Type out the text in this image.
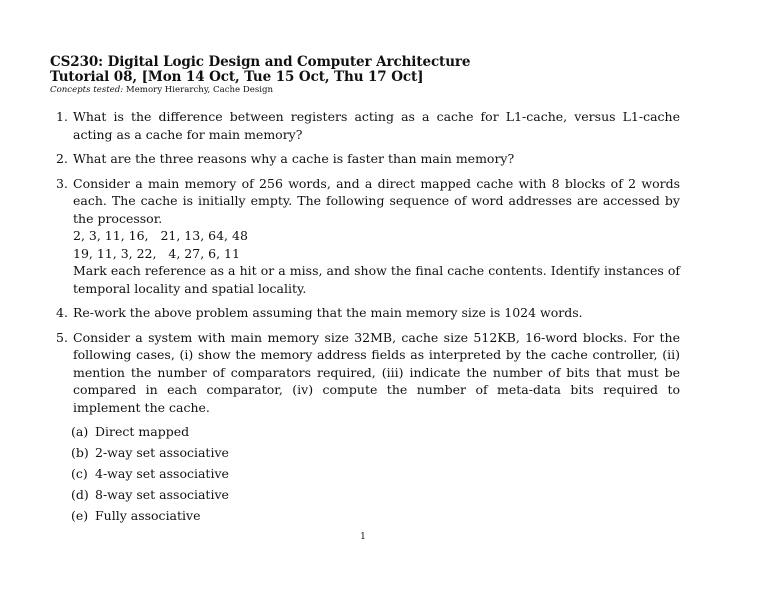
CS230: Digital Logic Design and Computer Architecture
Tutorial 08, [Mon 14 Oct, Tue 15 Oct, Thu 17 Oct]
Concepts tested: Memory Hierarchy, Cache Design
1. What is the difference between registers acting as a cache for L1-cache, versus L1-cache acting as a cache for main memory?

2. What are the three reasons why a cache is faster than main memory?

3. Consider a main memory of 256 words, and a direct mapped cache with 8 blocks of 2 words each. The cache is initially empty. The following sequence of word addresses are accessed by the processor.

2, 3, 11, 16,   21, 13, 64, 48
19, 11, 3, 22,   4, 27, 6, 11

Mark each reference as a hit or a miss, and show the final cache contents. Identify instances of temporal locality and spatial locality.

4. Re-work the above problem assuming that the main memory size is 1024 words.

5. Consider a system with main memory size 32MB, cache size 512KB, 16-word blocks. For the following cases, (i) show the memory address fields as interpreted by the cache controller, (ii) mention the number of comparators required, (iii) indicate the number of bits that must be compared in each comparator, (iv) compute the number of meta-data bits required to implement the cache.

(a) Direct mapped
(b) 2-way set associative
(c) 4-way set associative
(d) 8-way set associative
(e) Fully associative
1
